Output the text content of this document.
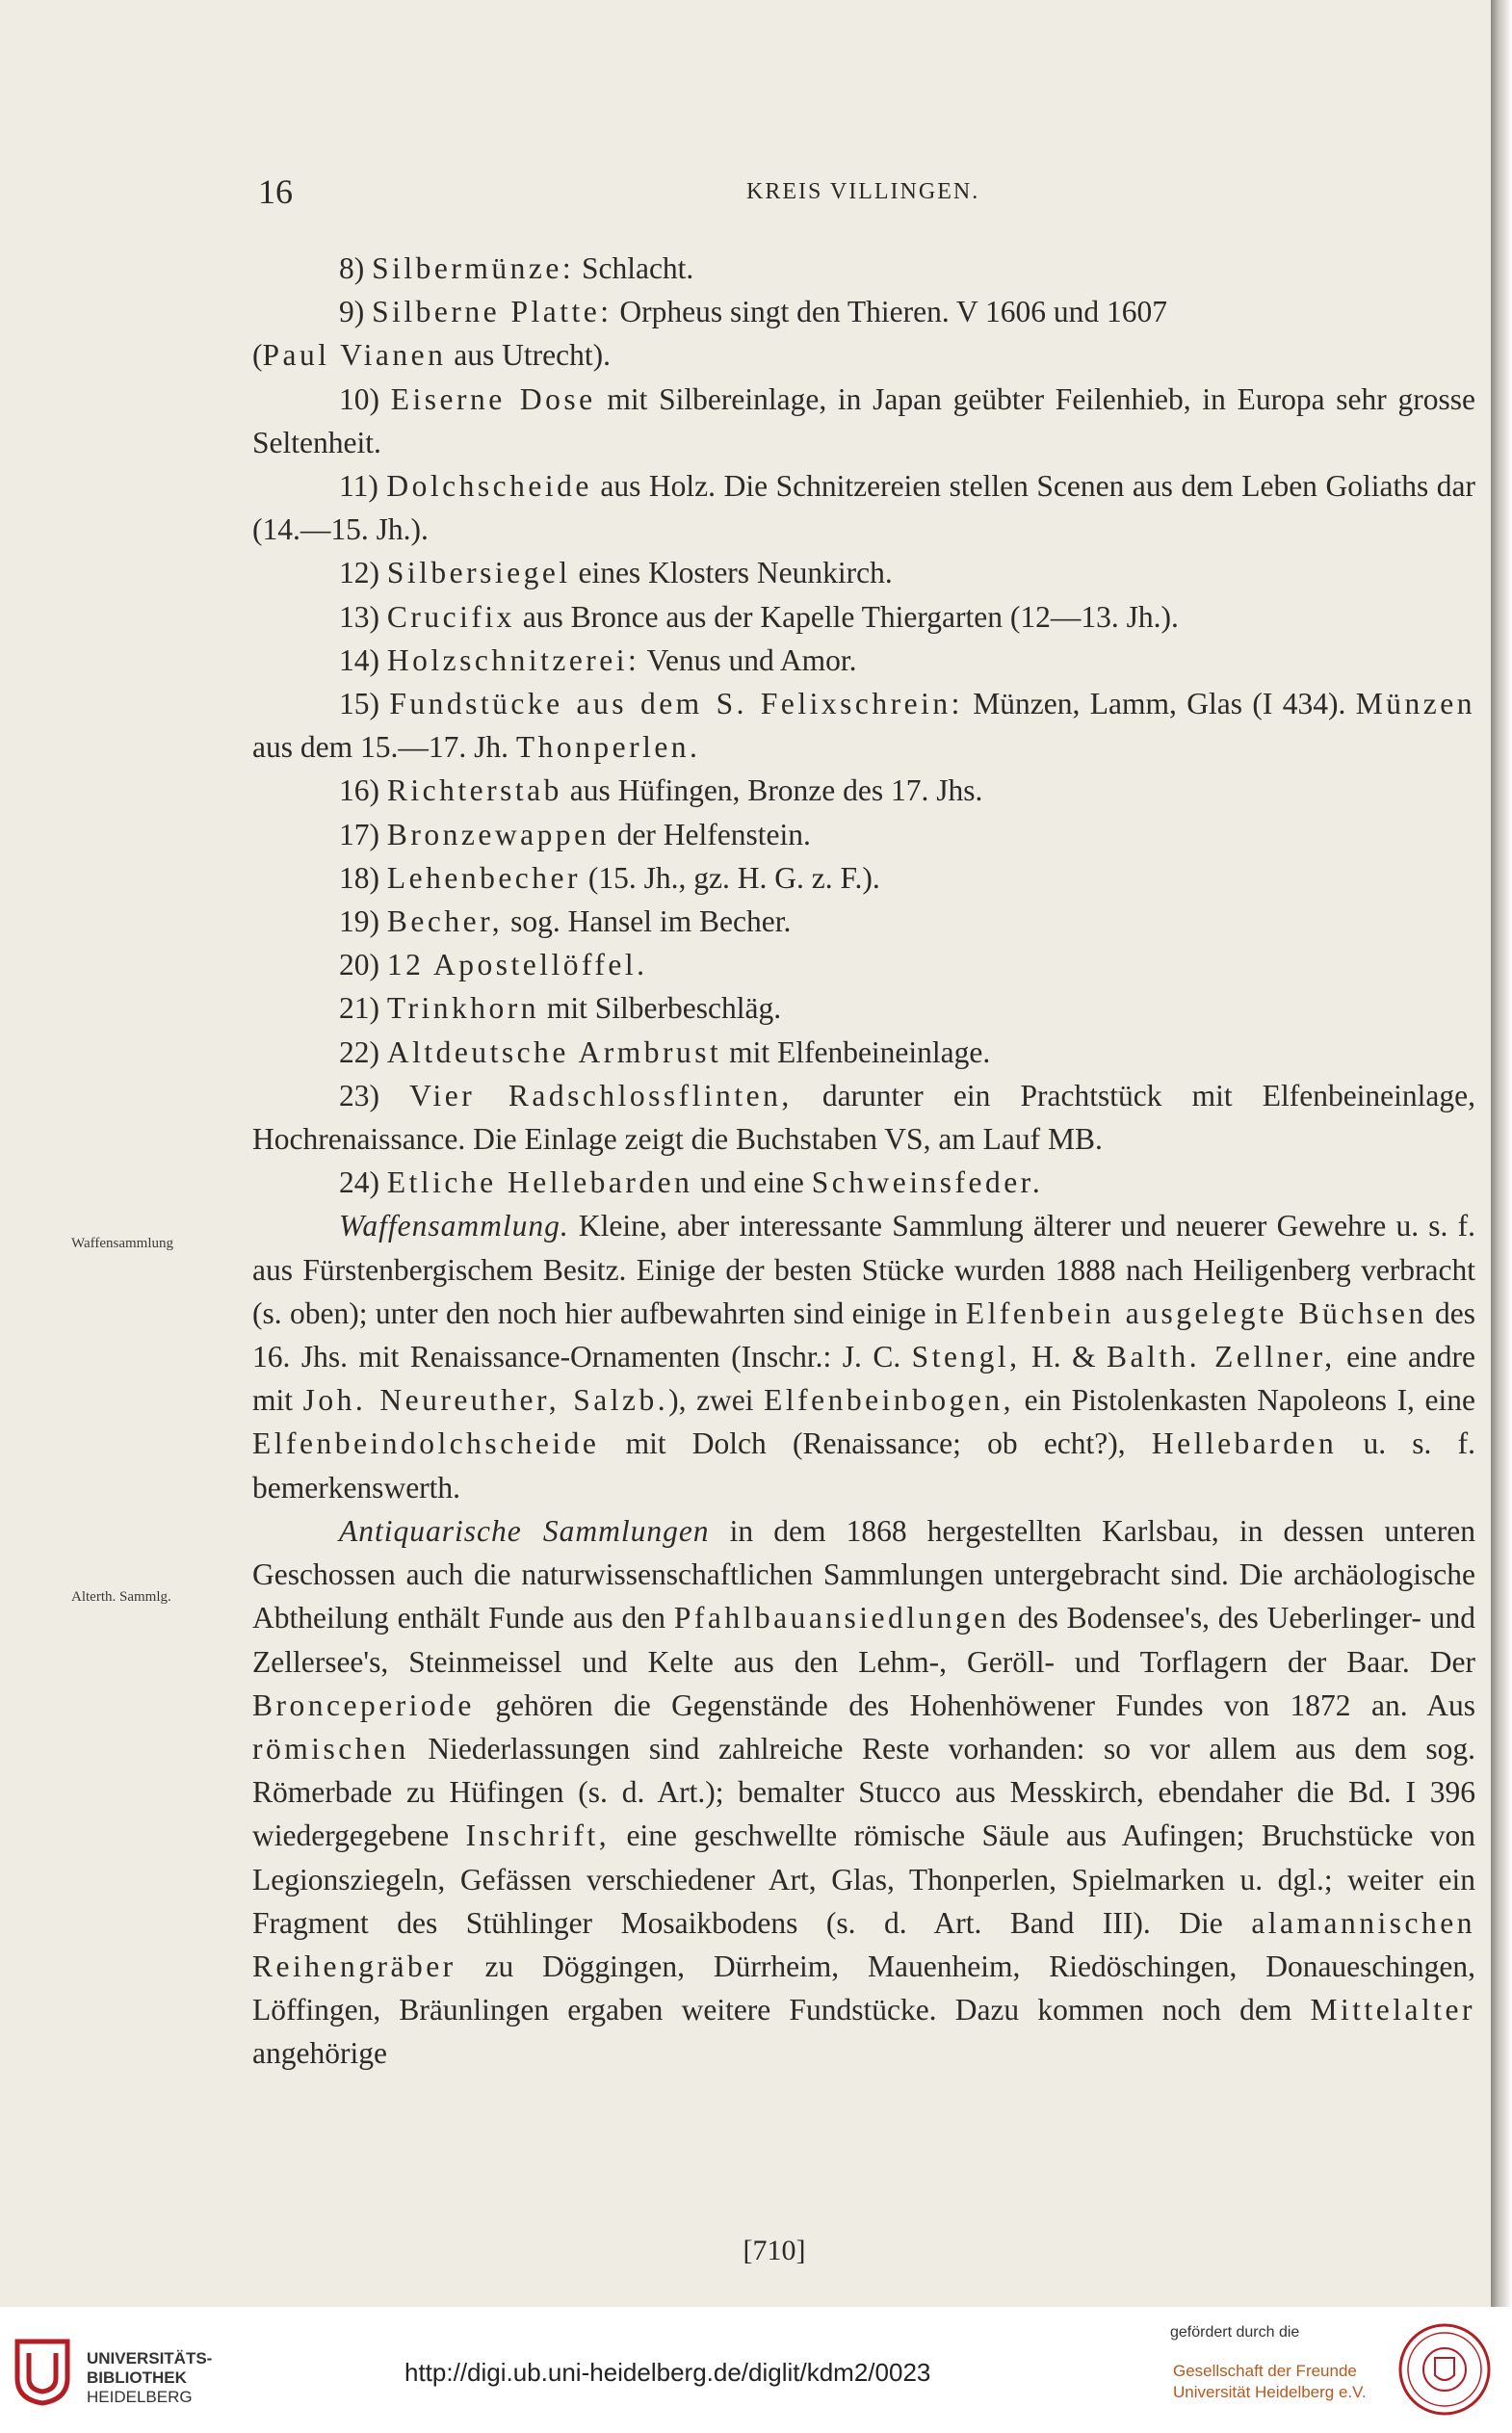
16	KREIS VILLINGEN.
Waffensammlung
Alterth. Sammlg.

8) Silbermünze: Schlacht.

9) Silberne Platte: Orpheus singt den Thieren. V 1606 und 1607

(Paul Vianen aus Utrecht).

10) Eiserne Dose mit Silbereinlage, in Japan geübter Feilenhieb, in Europa sehr grosse Seltenheit.

11) Dolchscheide aus Holz. Die Schnitzereien stellen Scenen aus dem Leben Goliaths dar (14.—15. Jh.).

12) Silbersiegel eines Klosters Neunkirch.

13) Crucifix aus Bronce aus der Kapelle Thiergarten (12—13. Jh.).

14) Holzschnitzerei: Venus und Amor.

15) Fundstücke aus dem S. Felixschrein: Münzen, Lamm, Glas (I 434). Münzen aus dem 15.—17. Jh. Thonperlen.

16) Richterstab aus Hüfingen, Bronze des 17. Jhs.

17) Bronzewappen der Helfenstein.

18) Lehenbecher (15. Jh., gz. H. G. z. F.).

19) Becher, sog. Hansel im Becher.

20) 12 Apostellöffel.

21) Trinkhorn mit Silberbeschläg.

22) Altdeutsche Armbrust mit Elfenbeineinlage.

23) Vier Radschlossflinten, darunter ein Prachtstück mit Elfenbeineinlage, Hochrenaissance. Die Einlage zeigt die Buchstaben VS, am Lauf MB.

24) Etliche Hellebarden und eine Schweinsfeder.

Waffensammlung. Kleine, aber interessante Sammlung älterer und neuerer Gewehre u. s. f. aus Fürstenbergischem Besitz. Einige der besten Stücke wurden 1888 nach Heiligenberg verbracht (s. oben); unter den noch hier aufbewahrten sind einige in Elfenbein ausgelegte Büchsen des 16. Jhs. mit Renaissance-Ornamenten (Inschr.: J. C. Stengl, H. & Balth. Zellner, eine andre mit Joh. Neureuther, Salzb.), zwei Elfenbeinbogen, ein Pistolenkasten Napoleons I, eine Elfenbeindolchscheide mit Dolch (Renaissance; ob echt?), Hellebarden u. s. f. bemerkenswerth.

Antiquarische Sammlungen in dem 1868 hergestellten Karlsbau, in dessen unteren Geschossen auch die naturwissenschaftlichen Sammlungen untergebracht sind. Die archäologische Abtheilung enthält Funde aus den Pfahlbauansiedlungen des Bodensee's, des Ueberlinger- und Zellersee's, Steinmeissel und Kelte aus den Lehm-, Geröll- und Torflagern der Baar. Der Bronceperiode gehören die Gegenstände des Hohenhöwener Fundes von 1872 an. Aus römischen Niederlassungen sind zahlreiche Reste vorhanden: so vor allem aus dem sog. Römerbade zu Hüfingen (s. d. Art.); bemalter Stucco aus Messkirch, ebendaher die Bd. I 396 wiedergegebene Inschrift, eine geschwellte römische Säule aus Aufingen; Bruchstücke von Legionsziegeln, Gefässen verschiedener Art, Glas, Thonperlen, Spielmarken u. dgl.; weiter ein Fragment des Stühlinger Mosaikbodens (s. d. Art. Band III). Die alamannischen Reihengräber zu Döggingen, Dürrheim, Mauenheim, Riedöschingen, Donaueschingen, Löffingen, Bräunlingen ergaben weitere Fundstücke. Dazu kommen noch dem Mittelalter angehörige

[710]
UNIVERSITÄTS-
BIBLIOTHEK
HEIDELBERG
http://digi.ub.uni-heidelberg.de/diglit/kdm2/0023
gefördert durch die
Gesellschaft der Freunde
Universität Heidelberg e.V.
